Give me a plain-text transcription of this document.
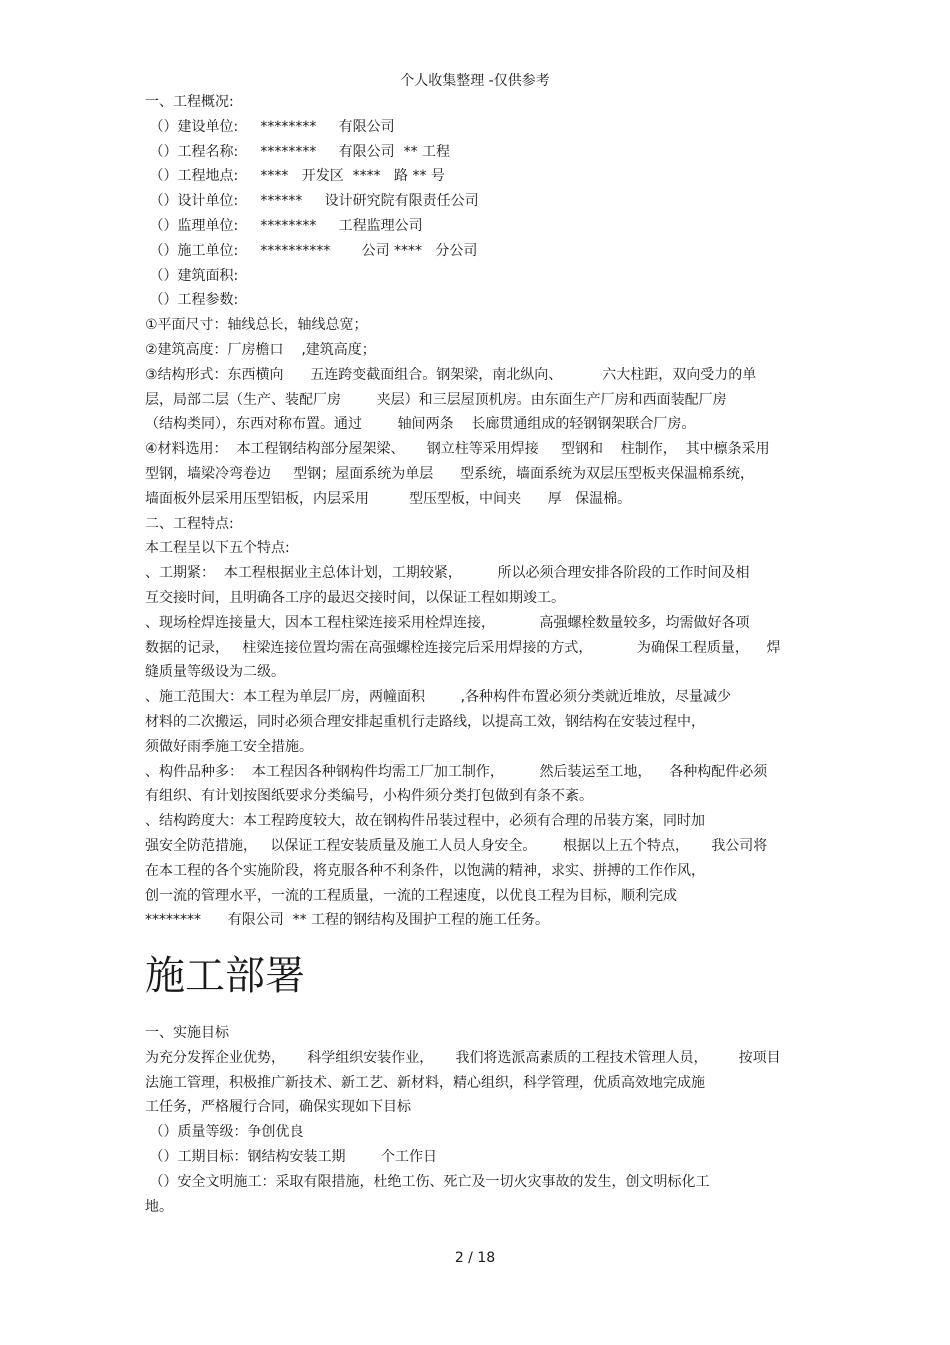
个人收集整理 -仅供参考
一、工程概况:
（）建设单位:     ********     有限公司
（）工程名称:     ********     有限公司  ** 工程
（）工程地点:     ****   开发区  ****   路 ** 号
（）设计单位:     ******     设计研究院有限责任公司
（）监理单位:     ********     工程监理公司
（）施工单位:     **********       公司 ****   分公司
（）建筑面积:
（）工程参数:
①平面尺寸：轴线总长，轴线总宽；
②建筑高度：厂房檐口    ,建筑高度；
③结构形式：东西横向      五连跨变截面组合。钢架梁，南北纵向、         六大柱距，双向受力的单
层，局部二层（生产、装配厂房        夹层）和三层屋顶机房。由东面生产厂房和西面装配厂房
（结构类同），东西对称布置。通过        轴间两条    长廊贯通组成的轻钢钢架联合厂房。
④材料选用：  本工程钢结构部分屋架梁、     钢立柱等采用焊接     型钢和    柱制作，  其中檩条采用
型钢，墙梁冷弯卷边     型钢；屋面系统为单层      型系统，墙面系统为双层压型板夹保温棉系统，
墙面板外层采用压型铝板，内层采用         型压型板，中间夹      厚   保温棉。
二、工程特点:
本工程呈以下五个特点:
、工期紧：  本工程根据业主总体计划，工期较紧，        所以必须合理安排各阶段的工作时间及相
互交接时间，且明确各工序的最迟交接时间，以保证工程如期竣工。
、现场栓焊连接量大，因本工程柱梁连接采用栓焊连接，          高强螺栓数量较多，均需做好各项
数据的记录，   柱梁连接位置均需在高强螺栓连接完后采用焊接的方式，          为确保工程质量，    焊
缝质量等级设为二级。
、施工范围大：本工程为单层厂房，两幢面积        ,各种构件布置必须分类就近堆放，尽量减少
材料的二次搬运，同时必须合理安排起重机行走路线，以提高工效，钢结构在安装过程中，
须做好雨季施工安全措施。
、构件品种多：  本工程因各种钢构件均需工厂加工制作，        然后装运至工地，    各种构配件必须
有组织、有计划按图纸要求分类编号，小构件须分类打包做到有条不紊。
、结构跨度大：本工程跨度较大，故在钢构件吊装过程中，必须有合理的吊装方案，同时加
强安全防范措施，   以保证工程安装质量及施工人员人身安全。      根据以上五个特点，     我公司将
在本工程的各个实施阶段，将克服各种不利条件，以饱满的精神，求实、拼搏的工作作风，
创一流的管理水平，一流的工程质量，一流的工程速度，以优良工程为目标，顺利完成
********      有限公司  ** 工程的钢结构及围护工程的施工任务。
施工部署
一、实施目标
为充分发挥企业优势，     科学组织安装作业，     我们将选派高素质的工程技术管理人员，       按项目
法施工管理，积极推广新技术、新工艺、新材料，精心组织，科学管理，优质高效地完成施
工任务，严格履行合同，确保实现如下目标
（）质量等级：争创优良
（）工期目标：钢结构安装工期        个工作日
（）安全文明施工：采取有限措施，杜绝工伤、死亡及一切火灾事故的发生，创文明标化工
地。
2 / 18
